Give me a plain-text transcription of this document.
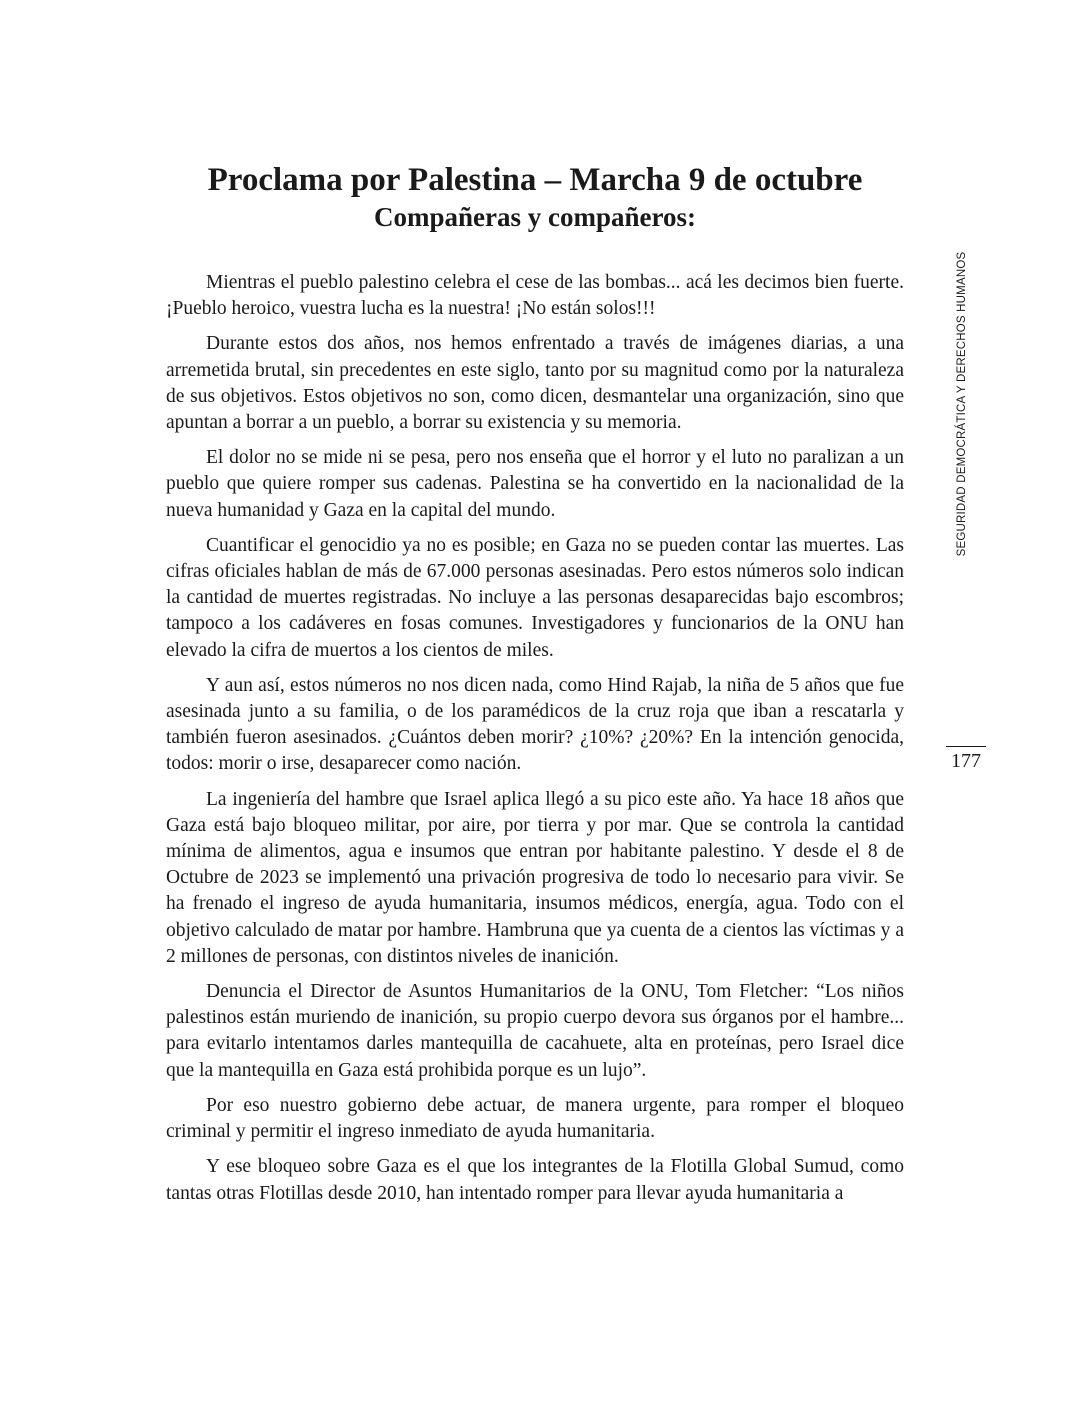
Proclama por Palestina – Marcha 9 de octubre
Compañeras y compañeros:

Mientras el pueblo palestino celebra el cese de las bombas... acá les decimos bien fuerte. ¡Pueblo heroico, vuestra lucha es la nuestra! ¡No están solos!!!

Durante estos dos años, nos hemos enfrentado a través de imágenes diarias, a una arremetida brutal, sin precedentes en este siglo, tanto por su magnitud como por la naturaleza de sus objetivos. Estos objetivos no son, como dicen, desmantelar una organización, sino que apuntan a borrar a un pueblo, a borrar su existencia y su memoria.

El dolor no se mide ni se pesa, pero nos enseña que el horror y el luto no paralizan a un pueblo que quiere romper sus cadenas. Palestina se ha convertido en la nacionalidad de la nueva humanidad y Gaza en la capital del mundo.

Cuantificar el genocidio ya no es posible; en Gaza no se pueden contar las muertes. Las cifras oficiales hablan de más de 67.000 personas asesinadas. Pero estos números solo indican la cantidad de muertes registradas. No incluye a las personas desaparecidas bajo escombros; tampoco a los cadáveres en fosas comunes. Investigadores y funcionarios de la ONU han elevado la cifra de muertos a los cientos de miles.

Y aun así, estos números no nos dicen nada, como Hind Rajab, la niña de 5 años que fue asesinada junto a su familia, o de los paramédicos de la cruz roja que iban a rescatarla y también fueron asesinados. ¿Cuántos deben morir? ¿10%? ¿20%? En la intención genocida, todos: morir o irse, desaparecer como nación.

La ingeniería del hambre que Israel aplica llegó a su pico este año. Ya hace 18 años que Gaza está bajo bloqueo militar, por aire, por tierra y por mar. Que se controla la cantidad mínima de alimentos, agua e insumos que entran por habitante palestino. Y desde el 8 de Octubre de 2023 se implementó una privación progresiva de todo lo necesario para vivir. Se ha frenado el ingreso de ayuda humanitaria, insumos médicos, energía, agua. Todo con el objetivo calculado de matar por hambre. Hambruna que ya cuenta de a cientos las víctimas y a 2 millones de personas, con distintos niveles de inanición.

Denuncia el Director de Asuntos Humanitarios de la ONU, Tom Fletcher: “Los niños palestinos están muriendo de inanición, su propio cuerpo devora sus órganos por el hambre... para evitarlo intentamos darles mantequilla de cacahuete, alta en proteínas, pero Israel dice que la mantequilla en Gaza está prohibida porque es un lujo”.

Por eso nuestro gobierno debe actuar, de manera urgente, para romper el bloqueo criminal y permitir el ingreso inmediato de ayuda humanitaria.

Y ese bloqueo sobre Gaza es el que los integrantes de la Flotilla Global Sumud, como tantas otras Flotillas desde 2010, han intentado romper para llevar ayuda humanitaria a

SEGURIDAD DEMOCRÁTICA Y DERECHOS HUMANOS
177
